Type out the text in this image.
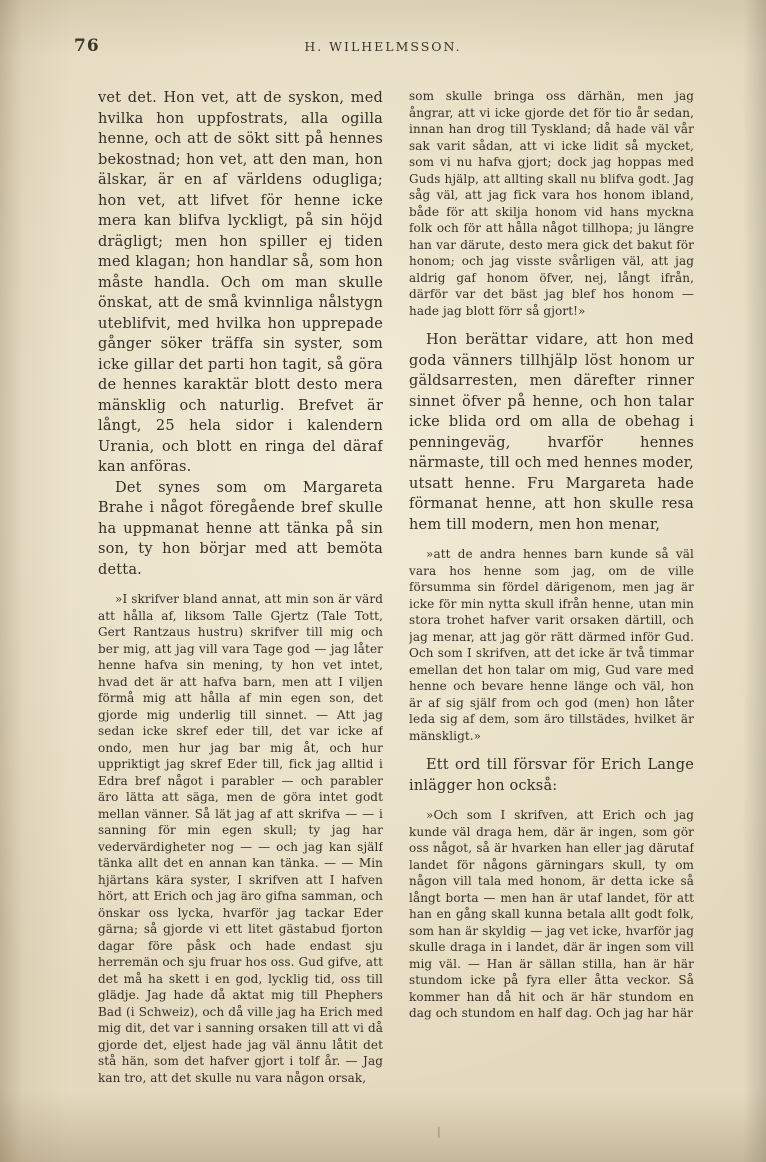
76	H. WILHELMSSON.

vet det. Hon vet, att de syskon, med hvilka hon uppfostrats, alla ogilla henne, och att de sökt sitt på hennes bekostnad; hon vet, att den man, hon älskar, är en af världens odugliga; hon vet, att lifvet för henne icke mera kan blifva lyckligt, på sin höjd drägligt; men hon spiller ej tiden med klagan; hon handlar så, som hon måste handla. Och om man skulle önskat, att de små kvinnliga nålstygn uteblifvit, med hvilka hon upprepade gånger söker träffa sin syster, som icke gillar det parti hon tagit, så göra de hennes karaktär blott desto mera mänsklig och naturlig. Brefvet är långt, 25 hela sidor i kalendern Urania, och blott en ringa del däraf kan anföras.

Det synes som om Margareta Brahe i något föregående bref skulle ha uppmanat henne att tänka på sin son, ty hon börjar med att bemöta detta.

»I skrifver bland annat, att min son är värd att hålla af, liksom Talle Gjertz (Tale Tott, Gert Rantzaus hustru) skrifver till mig och ber mig, att jag vill vara Tage god — jag låter henne hafva sin mening, ty hon vet intet, hvad det är att hafva barn, men att I viljen förmå mig att hålla af min egen son, det gjorde mig underlig till sinnet. — Att jag sedan icke skref eder till, det var icke af ondo, men hur jag bar mig åt, och hur uppriktigt jag skref Eder till, fick jag alltid i Edra bref något i parabler — och parabler äro lätta att säga, men de göra intet godt mellan vänner. Så lät jag af att skrifva — — i sanning för min egen skull; ty jag har vedervärdigheter nog — — och jag kan själf tänka allt det en annan kan tänka. — — Min hjärtans kära syster, I skrifven att I hafven hört, att Erich och jag äro gifna samman, och önskar oss lycka, hvarför jag tackar Eder gärna; så gjorde vi ett litet gästabud fjorton dagar före påsk och hade endast sju herremän och sju fruar hos oss. Gud gifve, att det må ha skett i en god, lycklig tid, oss till glädje. Jag hade då aktat mig till Phephers Bad (i Schweiz), och då ville jag ha Erich med mig dit, det var i sanning orsaken till att vi då gjorde det, eljest hade jag väl ännu låtit det stå hän, som det hafver gjort i tolf år. — Jag kan tro, att det skulle nu vara någon orsak,

som skulle bringa oss därhän, men jag ångrar, att vi icke gjorde det för tio år sedan, innan han drog till Tyskland; då hade väl vår sak varit sådan, att vi icke lidit så mycket, som vi nu hafva gjort; dock jag hoppas med Guds hjälp, att allting skall nu blifva godt. Jag såg väl, att jag fick vara hos honom ibland, både för att skilja honom vid hans myckna folk och för att hålla något tillhopa; ju längre han var därute, desto mera gick det bakut för honom; och jag visste svårligen väl, att jag aldrig gaf honom öfver, nej, långt ifrån, därför var det bäst jag blef hos honom — hade jag blott förr så gjort!»

Hon berättar vidare, att hon med goda vänners tillhjälp löst honom ur gäldsarresten, men därefter rinner sinnet öfver på henne, och hon talar icke blida ord om alla de obehag i penningeväg, hvarför hennes närmaste, till och med hennes moder, utsatt henne. Fru Margareta hade förmanat henne, att hon skulle resa hem till modern, men hon menar,

»att de andra hennes barn kunde så väl vara hos henne som jag, om de ville försumma sin fördel därigenom, men jag är icke för min nytta skull ifrån henne, utan min stora trohet hafver varit orsaken därtill, och jag menar, att jag gör rätt därmed inför Gud. Och som I skrifven, att det icke är två timmar emellan det hon talar om mig, Gud vare med henne och bevare henne länge och väl, hon är af sig själf from och god (men) hon låter leda sig af dem, som äro tillstädes, hvilket är mänskligt.»

Ett ord till försvar för Erich Lange inlägger hon också:

»Och som I skrifven, att Erich och jag kunde väl draga hem, där är ingen, som gör oss något, så är hvarken han eller jag därutaf landet för någons gärningars skull, ty om någon vill tala med honom, är detta icke så långt borta — men han är utaf landet, för att han en gång skall kunna betala allt godt folk, som han är skyldig — jag vet icke, hvarför jag skulle draga in i landet, där är ingen som vill mig väl. — Han är sällan stilla, han är här stundom icke på fyra eller åtta veckor. Så kommer han då hit och är här stundom en dag och stundom en half dag. Och jag har här

|
